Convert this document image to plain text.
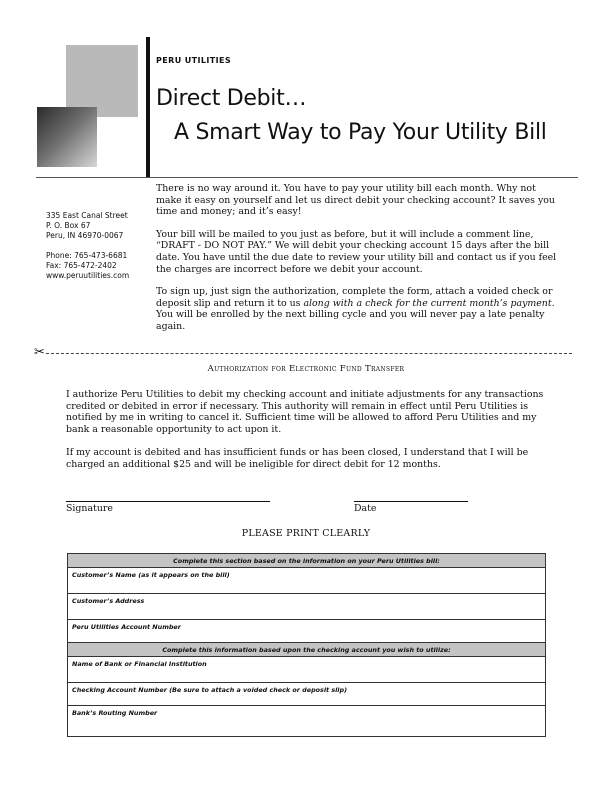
PERU UTILITIES
Direct Debit…
A Smart Way to Pay Your Utility Bill
335 East Canal Street
P. O. Box 67
Peru, IN 46970-0067
Phone: 765-473-6681
Fax: 765-472-2402
www.peruutilities.com

There is no way around it. You have to pay your utility bill each month. Why not make it easy on yourself and let us direct debit your checking account? It saves you time and money; and it’s easy!

Your bill will be mailed to you just as before, but it will include a comment line, “DRAFT - DO NOT PAY.” We will debit your checking account 15 days after the bill date. You have until the due date to review your utility bill and contact us if you feel the charges are incorrect before we debit your account.

To sign up, just sign the authorization, complete the form, attach a voided check or deposit slip and return it to us along with a check for the current month’s payment. You will be enrolled by the next billing cycle and you will never pay a late penalty again.

✂
Authorization for Electronic Fund Transfer

I authorize Peru Utilities to debit my checking account and initiate adjustments for any transactions credited or debited in error if necessary. This authority will remain in effect until Peru Utilities is notified by me in writing to cancel it. Sufficient time will be allowed to afford Peru Utilities and my bank a reasonable opportunity to act upon it.

If my account is debited and has insufficient funds or has been closed, I understand that I will be charged an additional $25 and will be ineligible for direct debit for 12 months.

Signature	Date
PLEASE PRINT CLEARLY
Complete this section based on the information on your Peru Utilities bill:
Customer’s Name (as it appears on the bill)
Customer’s Address
Peru Utilities Account Number
Complete this information based upon the checking account you wish to utilize:
Name of Bank or Financial Institution
Checking Account Number (Be sure to attach a voided check or deposit slip)
Bank’s Routing Number
